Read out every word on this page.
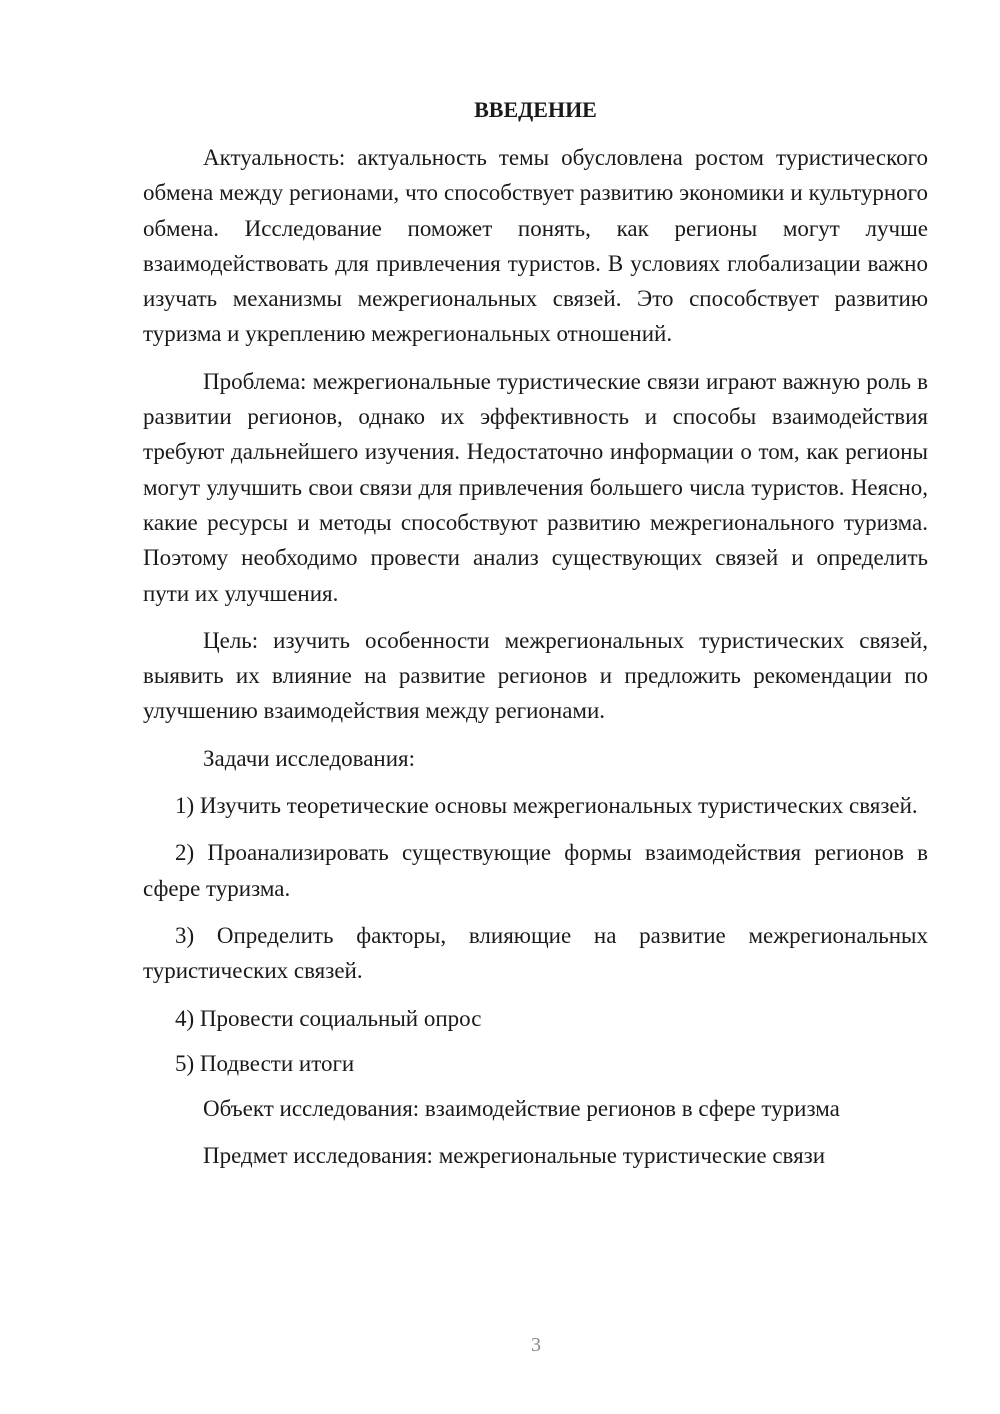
ВВЕДЕНИЕ

Актуальность: актуальность темы обусловлена ростом туристического обмена между регионами, что способствует развитию экономики и культурного обмена. Исследование поможет понять, как регионы могут лучше взаимодействовать для привлечения туристов. В условиях глобализации важно изучать механизмы межрегиональных связей. Это способствует развитию туризма и укреплению межрегиональных отношений.

Проблема: межрегиональные туристические связи играют важную роль в развитии регионов, однако их эффективность и способы взаимодействия требуют дальнейшего изучения. Недостаточно информации о том, как регионы могут улучшить свои связи для привлечения большего числа туристов. Неясно, какие ресурсы и методы способствуют развитию межрегионального туризма. Поэтому необходимо провести анализ существующих связей и определить пути их улучшения.

Цель: изучить особенности межрегиональных туристических связей, выявить их влияние на развитие регионов и предложить рекомендации по улучшению взаимодействия между регионами.

Задачи исследования:

1) Изучить теоретические основы межрегиональных туристических связей.

2) Проанализировать существующие формы взаимодействия регионов в сфере туризма.

3) Определить факторы, влияющие на развитие межрегиональных туристических связей.

4) Провести социальный опрос

5) Подвести итоги

Объект исследования: взаимодействие регионов в сфере туризма

Предмет исследования: межрегиональные туристические связи

3
